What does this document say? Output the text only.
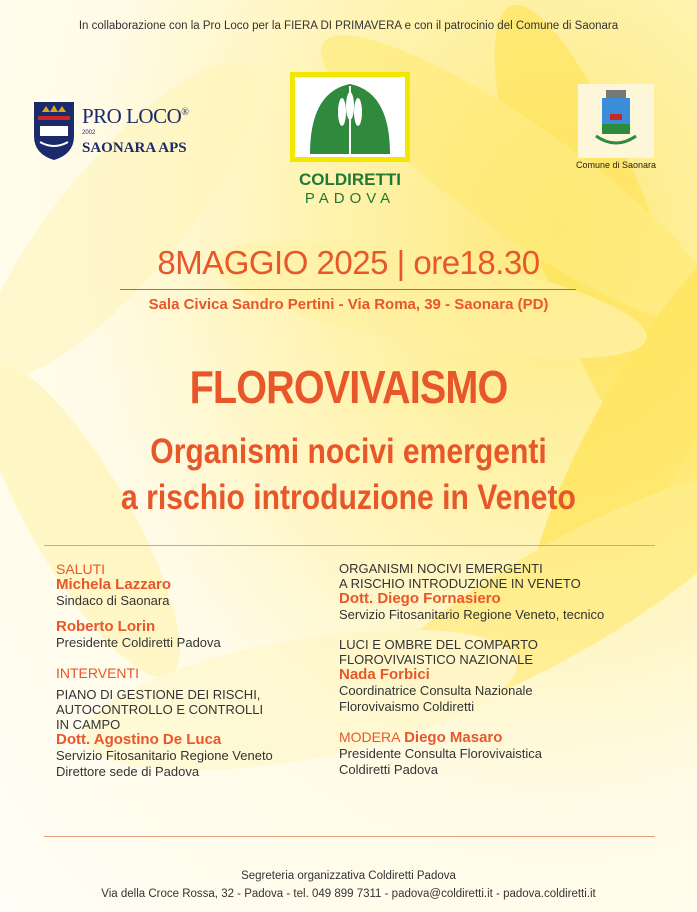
In collaborazione con la Pro Loco per la FIERA DI PRIMAVERA e con il patrocinio del Comune di Saonara
PRO LOCO®
2002
SAONARA APS
COLDIRETTI
PADOVA
Comune di Saonara
8MAGGIO 2025 | ore18.30
Sala Civica Sandro Pertini - Via Roma, 39 - Saonara (PD)
FLOROVIVAISMO
Organismi nocivi emergenti
a rischio introduzione in Veneto
SALUTI
Michela Lazzaro
Sindaco di Saonara
Roberto Lorin
Presidente Coldiretti Padova
INTERVENTI
PIANO DI GESTIONE DEI RISCHI,
AUTOCONTROLLO E CONTROLLI
IN CAMPO
Dott. Agostino De Luca
Servizio Fitosanitario Regione Veneto
Direttore sede di Padova
ORGANISMI NOCIVI EMERGENTI
A RISCHIO INTRODUZIONE IN VENETO
Dott. Diego Fornasiero
Servizio Fitosanitario Regione Veneto, tecnico
LUCI E OMBRE DEL COMPARTO
FLOROVIVAISTICO NAZIONALE
Nada Forbici
Coordinatrice Consulta Nazionale
Florovivaismo Coldiretti
MODERA Diego Masaro
Presidente Consulta Florovivaistica
Coldiretti Padova
Segreteria organizzativa Coldiretti Padova
Via della Croce Rossa, 32 - Padova - tel. 049 899 7311 - padova@coldiretti.it - padova.coldiretti.it
